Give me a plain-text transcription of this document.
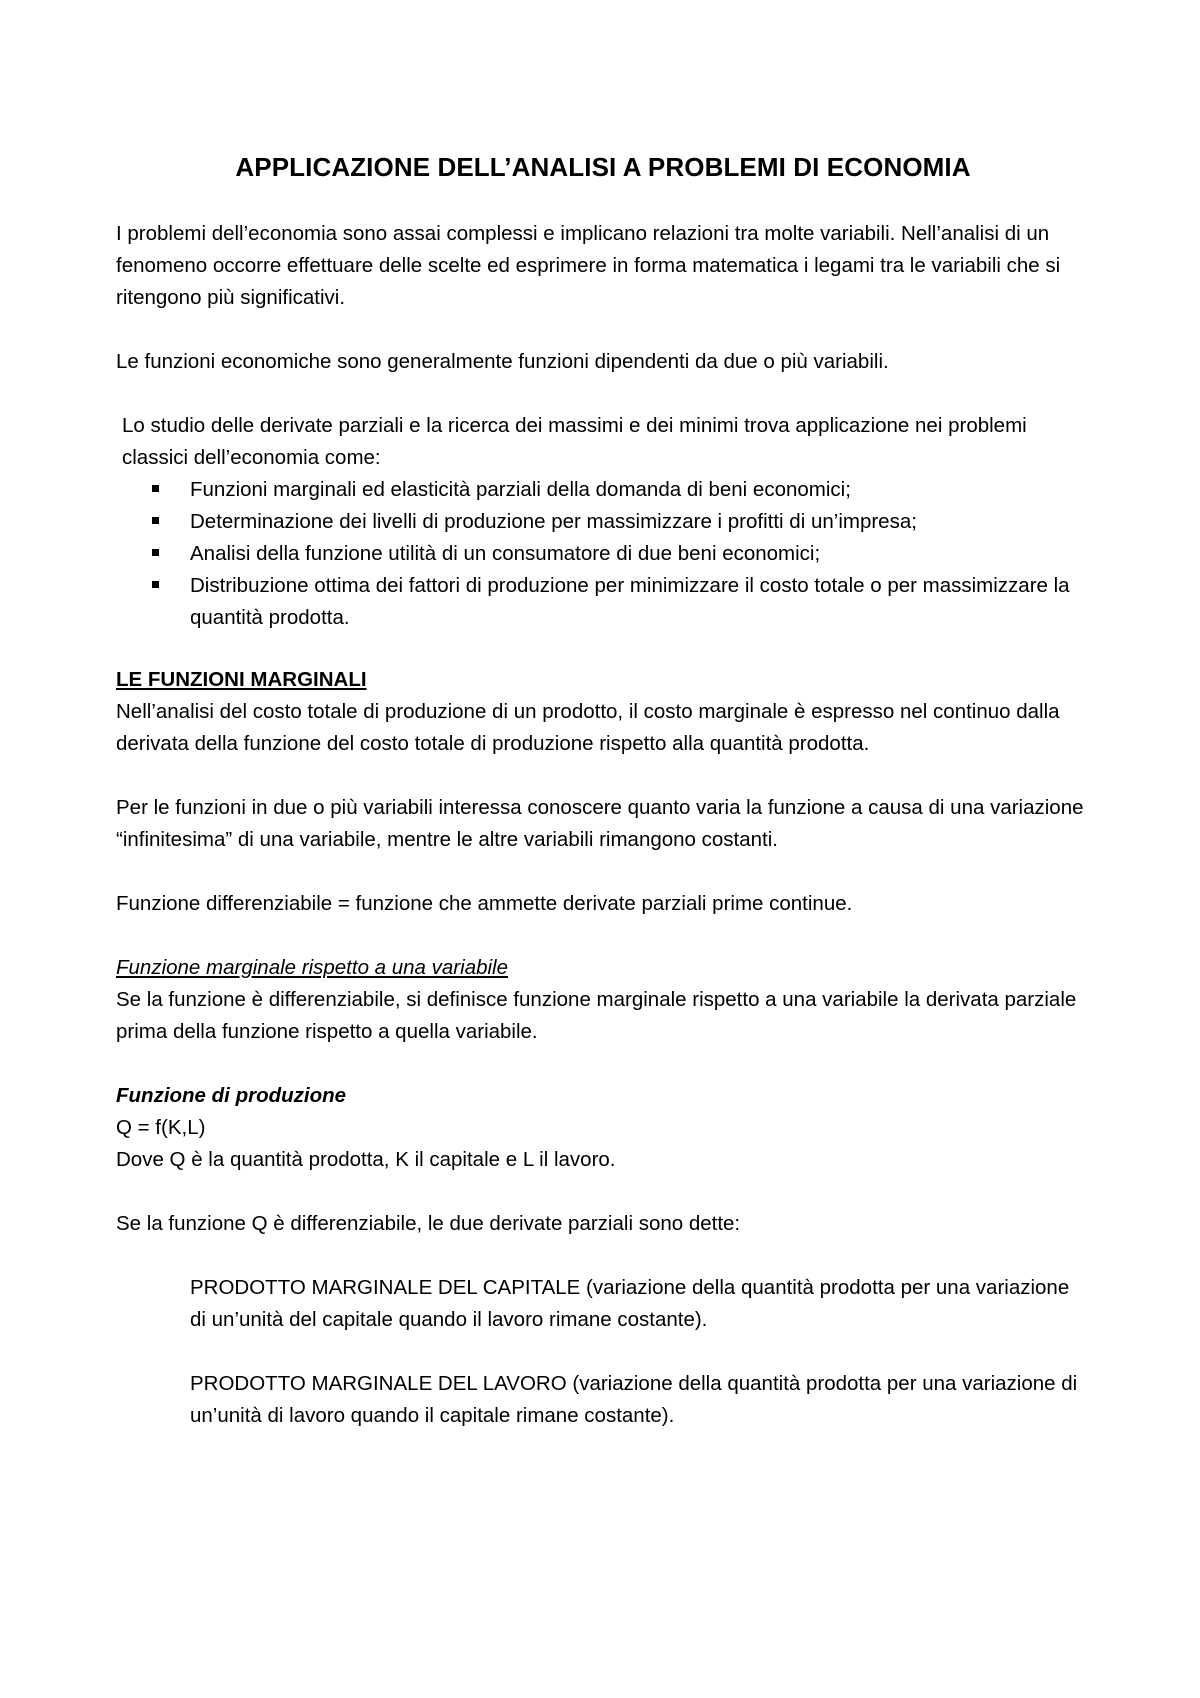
APPLICAZIONE DELL’ANALISI A PROBLEMI DI ECONOMIA

I problemi dell’economia sono assai complessi e implicano relazioni tra molte variabili. Nell’analisi di un fenomeno occorre effettuare delle scelte ed esprimere in forma matematica i legami tra le variabili che si ritengono più significativi.

Le funzioni economiche sono generalmente funzioni dipendenti da due o più variabili.

Lo studio delle derivate parziali e la ricerca dei massimi e dei minimi trova applicazione nei problemi classici dell’economia come:

Funzioni marginali ed elasticità parziali della domanda di beni economici;
Determinazione dei livelli di produzione per massimizzare i profitti di un’impresa;
Analisi della funzione utilità di un consumatore di due beni economici;
Distribuzione ottima dei fattori di produzione per minimizzare il costo totale o per massimizzare la quantità prodotta.

LE FUNZIONI MARGINALI

Nell’analisi del costo totale di produzione di un prodotto, il costo marginale è espresso nel continuo dalla derivata della funzione del costo totale di produzione rispetto alla quantità prodotta.

Per le funzioni in due o più variabili interessa conoscere quanto varia la funzione a causa di una variazione “infinitesima” di una variabile, mentre le altre variabili rimangono costanti.

Funzione differenziabile = funzione che ammette derivate parziali prime continue.

Funzione marginale rispetto a una variabile

Se la funzione è differenziabile, si definisce funzione marginale rispetto a una variabile la derivata parziale prima della funzione rispetto a quella variabile.

Funzione di produzione

Q = f(K,L)

Dove Q è la quantità prodotta, K il capitale e L il lavoro.

Se la funzione Q è differenziabile, le due derivate parziali sono dette:

PRODOTTO MARGINALE DEL CAPITALE (variazione della quantità prodotta per una variazione di un’unità del capitale quando il lavoro rimane costante).

PRODOTTO MARGINALE DEL LAVORO (variazione della quantità prodotta per una variazione di un’unità di lavoro quando il capitale rimane costante).
